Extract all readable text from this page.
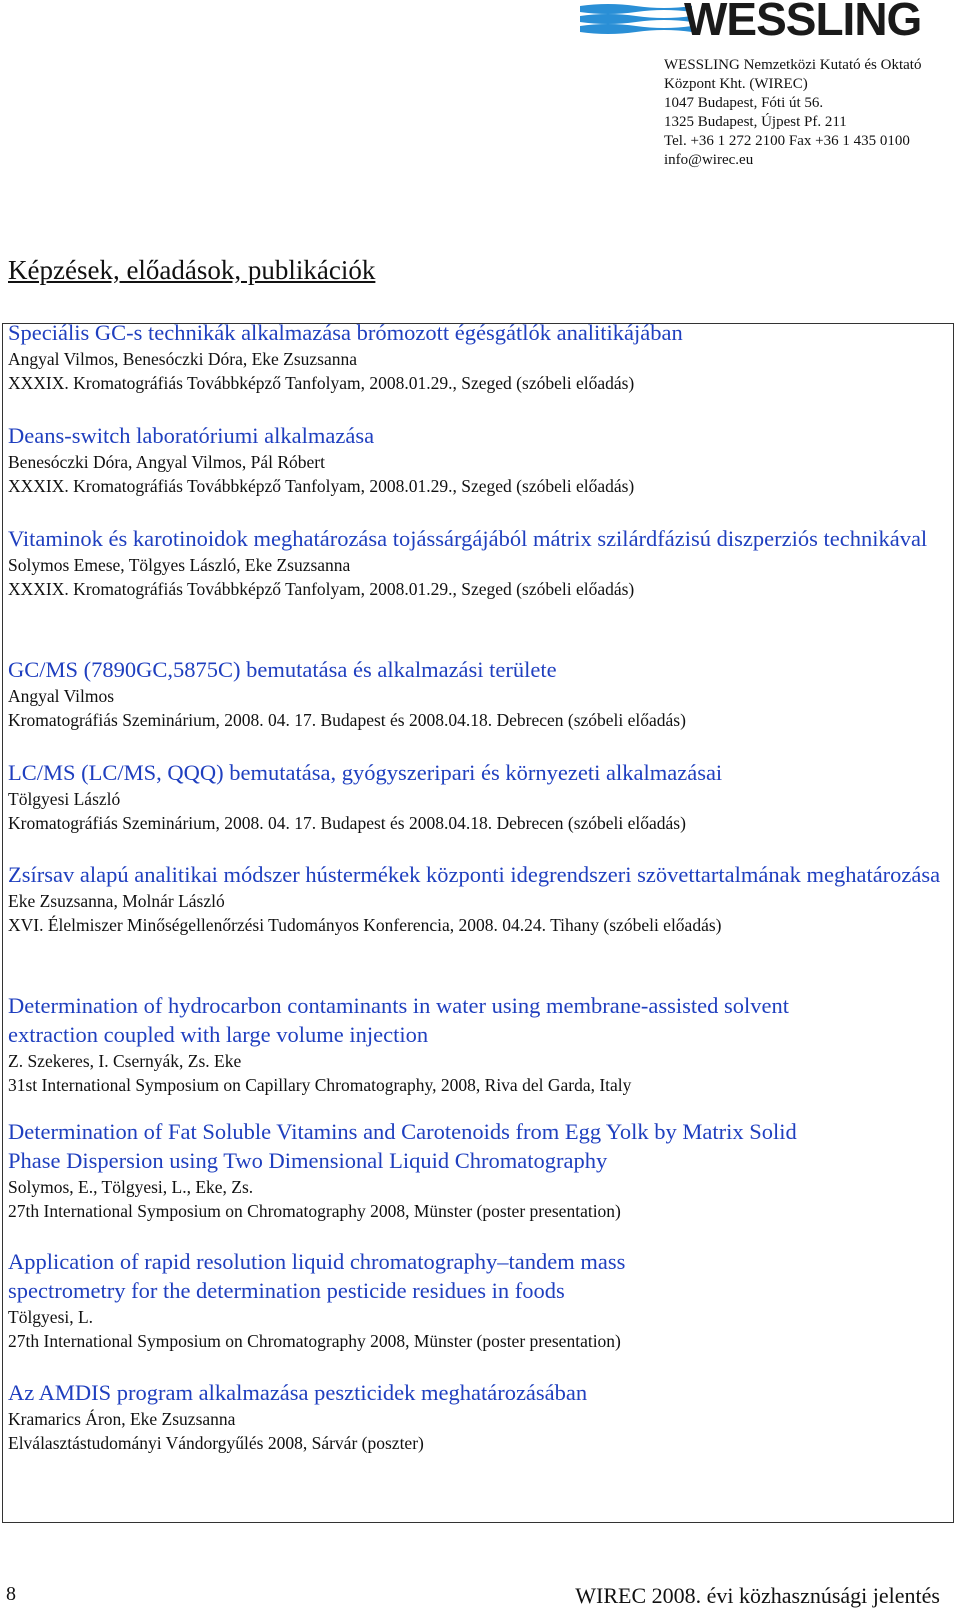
WESSLING
WESSLING Nemzetközi Kutató és Oktató
Központ Kht. (WIREC)
1047 Budapest, Fóti út 56.
1325 Budapest, Újpest Pf. 211
Tel. +36 1 272 2100 Fax +36 1 435 0100
info@wirec.eu
Képzések, előadások, publikációk

Speciális GC-s technikák alkalmazása brómozott égésgátlók analitikájában

Angyal Vilmos, Benesóczki Dóra, Eke Zsuzsanna

XXXIX. Kromatográfiás Továbbképző Tanfolyam, 2008.01.29., Szeged (szóbeli előadás)

Deans-switch laboratóriumi alkalmazása

Benesóczki Dóra, Angyal Vilmos, Pál Róbert

XXXIX. Kromatográfiás Továbbképző Tanfolyam, 2008.01.29., Szeged (szóbeli előadás)

Vitaminok és karotinoidok meghatározása tojássárgájából mátrix szilárdfázisú diszperziós technikával

Solymos Emese, Tölgyes László, Eke Zsuzsanna

XXXIX. Kromatográfiás Továbbképző Tanfolyam, 2008.01.29., Szeged (szóbeli előadás)

GC/MS (7890GC,5875C) bemutatása és alkalmazási területe

Angyal Vilmos

Kromatográfiás Szeminárium, 2008. 04. 17. Budapest és 2008.04.18. Debrecen (szóbeli előadás)

LC/MS (LC/MS, QQQ) bemutatása, gyógyszeripari és környezeti alkalmazásai

Tölgyesi László

Kromatográfiás Szeminárium, 2008. 04. 17. Budapest és 2008.04.18. Debrecen (szóbeli előadás)

Zsírsav alapú analitikai módszer hústermékek központi idegrendszeri szövettartalmának meghatározása

Eke Zsuzsanna, Molnár László

XVI. Élelmiszer Minőségellenőrzési Tudományos Konferencia, 2008. 04.24. Tihany (szóbeli előadás)

Determination of hydrocarbon contaminants in water using membrane-assisted solvent extraction coupled with large volume injection

Z. Szekeres, I. Csernyák, Zs. Eke

31st International Symposium on Capillary Chromatography, 2008, Riva del Garda, Italy

Determination of Fat Soluble Vitamins and Carotenoids from Egg Yolk by Matrix Solid Phase Dispersion using Two Dimensional Liquid Chromatography

Solymos, E., Tölgyesi, L., Eke, Zs.

27th International Symposium on Chromatography 2008, Münster (poster presentation)

Application of rapid resolution liquid chromatography–tandem mass spectrometry for the determination pesticide residues in foods

Tölgyesi, L.

27th International Symposium on Chromatography 2008, Münster (poster presentation)

Az AMDIS program alkalmazása peszticidek meghatározásában

Kramarics Áron, Eke Zsuzsanna

Elválasztástudományi Vándorgyűlés 2008, Sárvár (poszter)

8	WIREC 2008. évi közhasznúsági jelentés
